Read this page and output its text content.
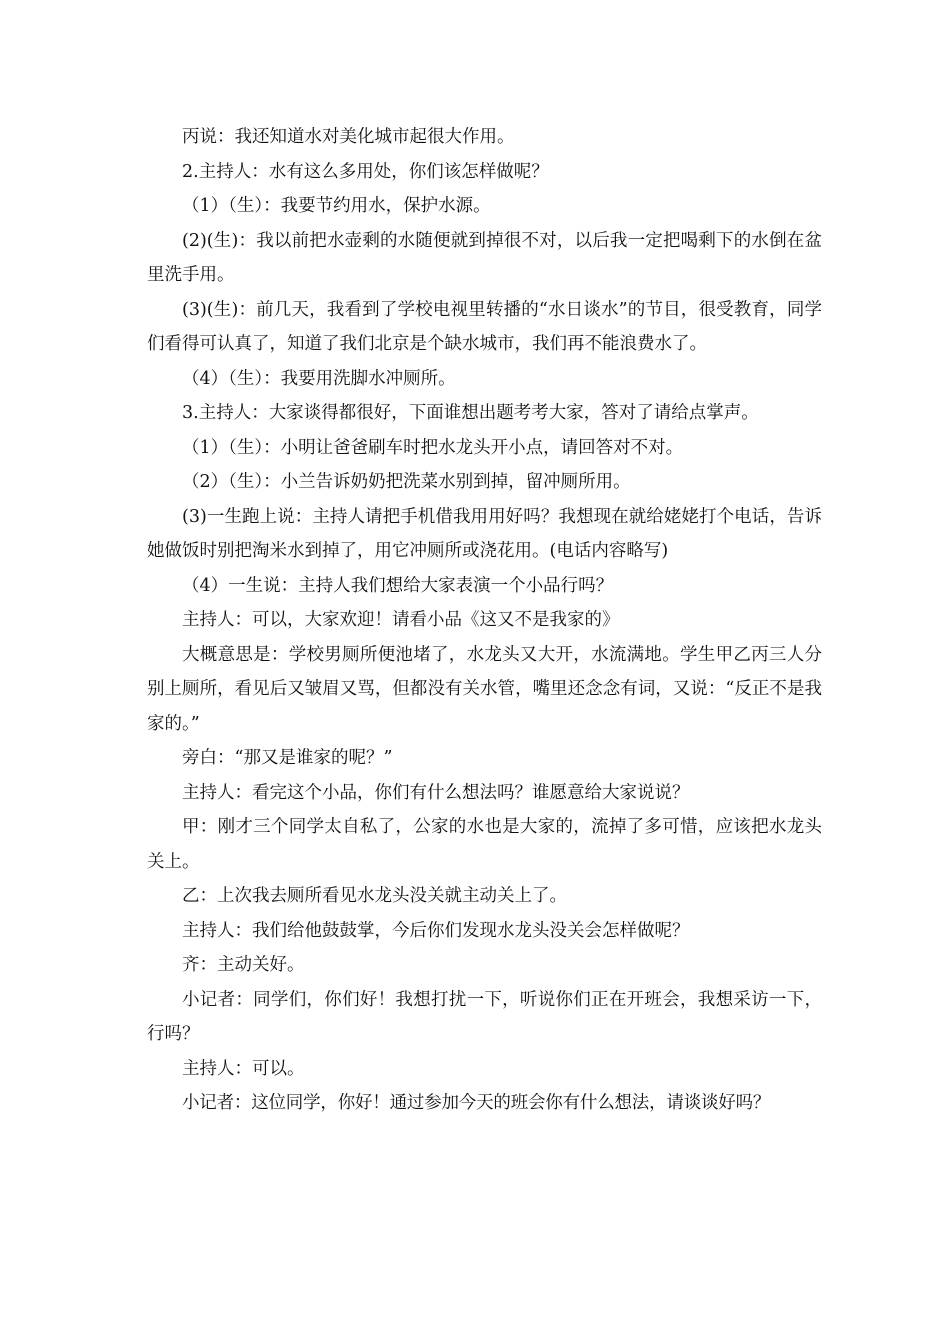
丙说：我还知道水对美化城市起很大作用。

2.主持人：水有这么多用处，你们该怎样做呢？

（1）（生）：我要节约用水，保护水源。

(2)(生)：我以前把水壶剩的水随便就到掉很不对，以后我一定把喝剩下的水倒在盆里洗手用。

(3)(生)：前几天，我看到了学校电视里转播的“水日谈水”的节目，很受教育，同学们看得可认真了，知道了我们北京是个缺水城市，我们再不能浪费水了。

（4）（生）：我要用洗脚水冲厕所。

3.主持人：大家谈得都很好，下面谁想出题考考大家，答对了请给点掌声。

（1）（生）：小明让爸爸刷车时把水龙头开小点，请回答对不对。

（2）（生）：小兰告诉奶奶把洗菜水别到掉，留冲厕所用。

(3)一生跑上说：主持人请把手机借我用用好吗？我想现在就给姥姥打个电话，告诉她做饭时别把淘米水到掉了，用它冲厕所或浇花用。(电话内容略写)

（4）一生说：主持人我们想给大家表演一个小品行吗？

主持人：可以，大家欢迎！请看小品《这又不是我家的》

大概意思是：学校男厕所便池堵了，水龙头又大开，水流满地。学生甲乙丙三人分别上厕所，看见后又皱眉又骂，但都没有关水管，嘴里还念念有词，又说：“反正不是我家的。”

旁白：“那又是谁家的呢？”

主持人：看完这个小品，你们有什么想法吗？谁愿意给大家说说？

甲：刚才三个同学太自私了，公家的水也是大家的，流掉了多可惜，应该把水龙头关上。

乙：上次我去厕所看见水龙头没关就主动关上了。

主持人：我们给他鼓鼓掌，今后你们发现水龙头没关会怎样做呢？

齐：主动关好。

小记者：同学们，你们好！我想打扰一下，听说你们正在开班会，我想采访一下，行吗？

主持人：可以。

小记者：这位同学，你好！通过参加今天的班会你有什么想法，请谈谈好吗？
